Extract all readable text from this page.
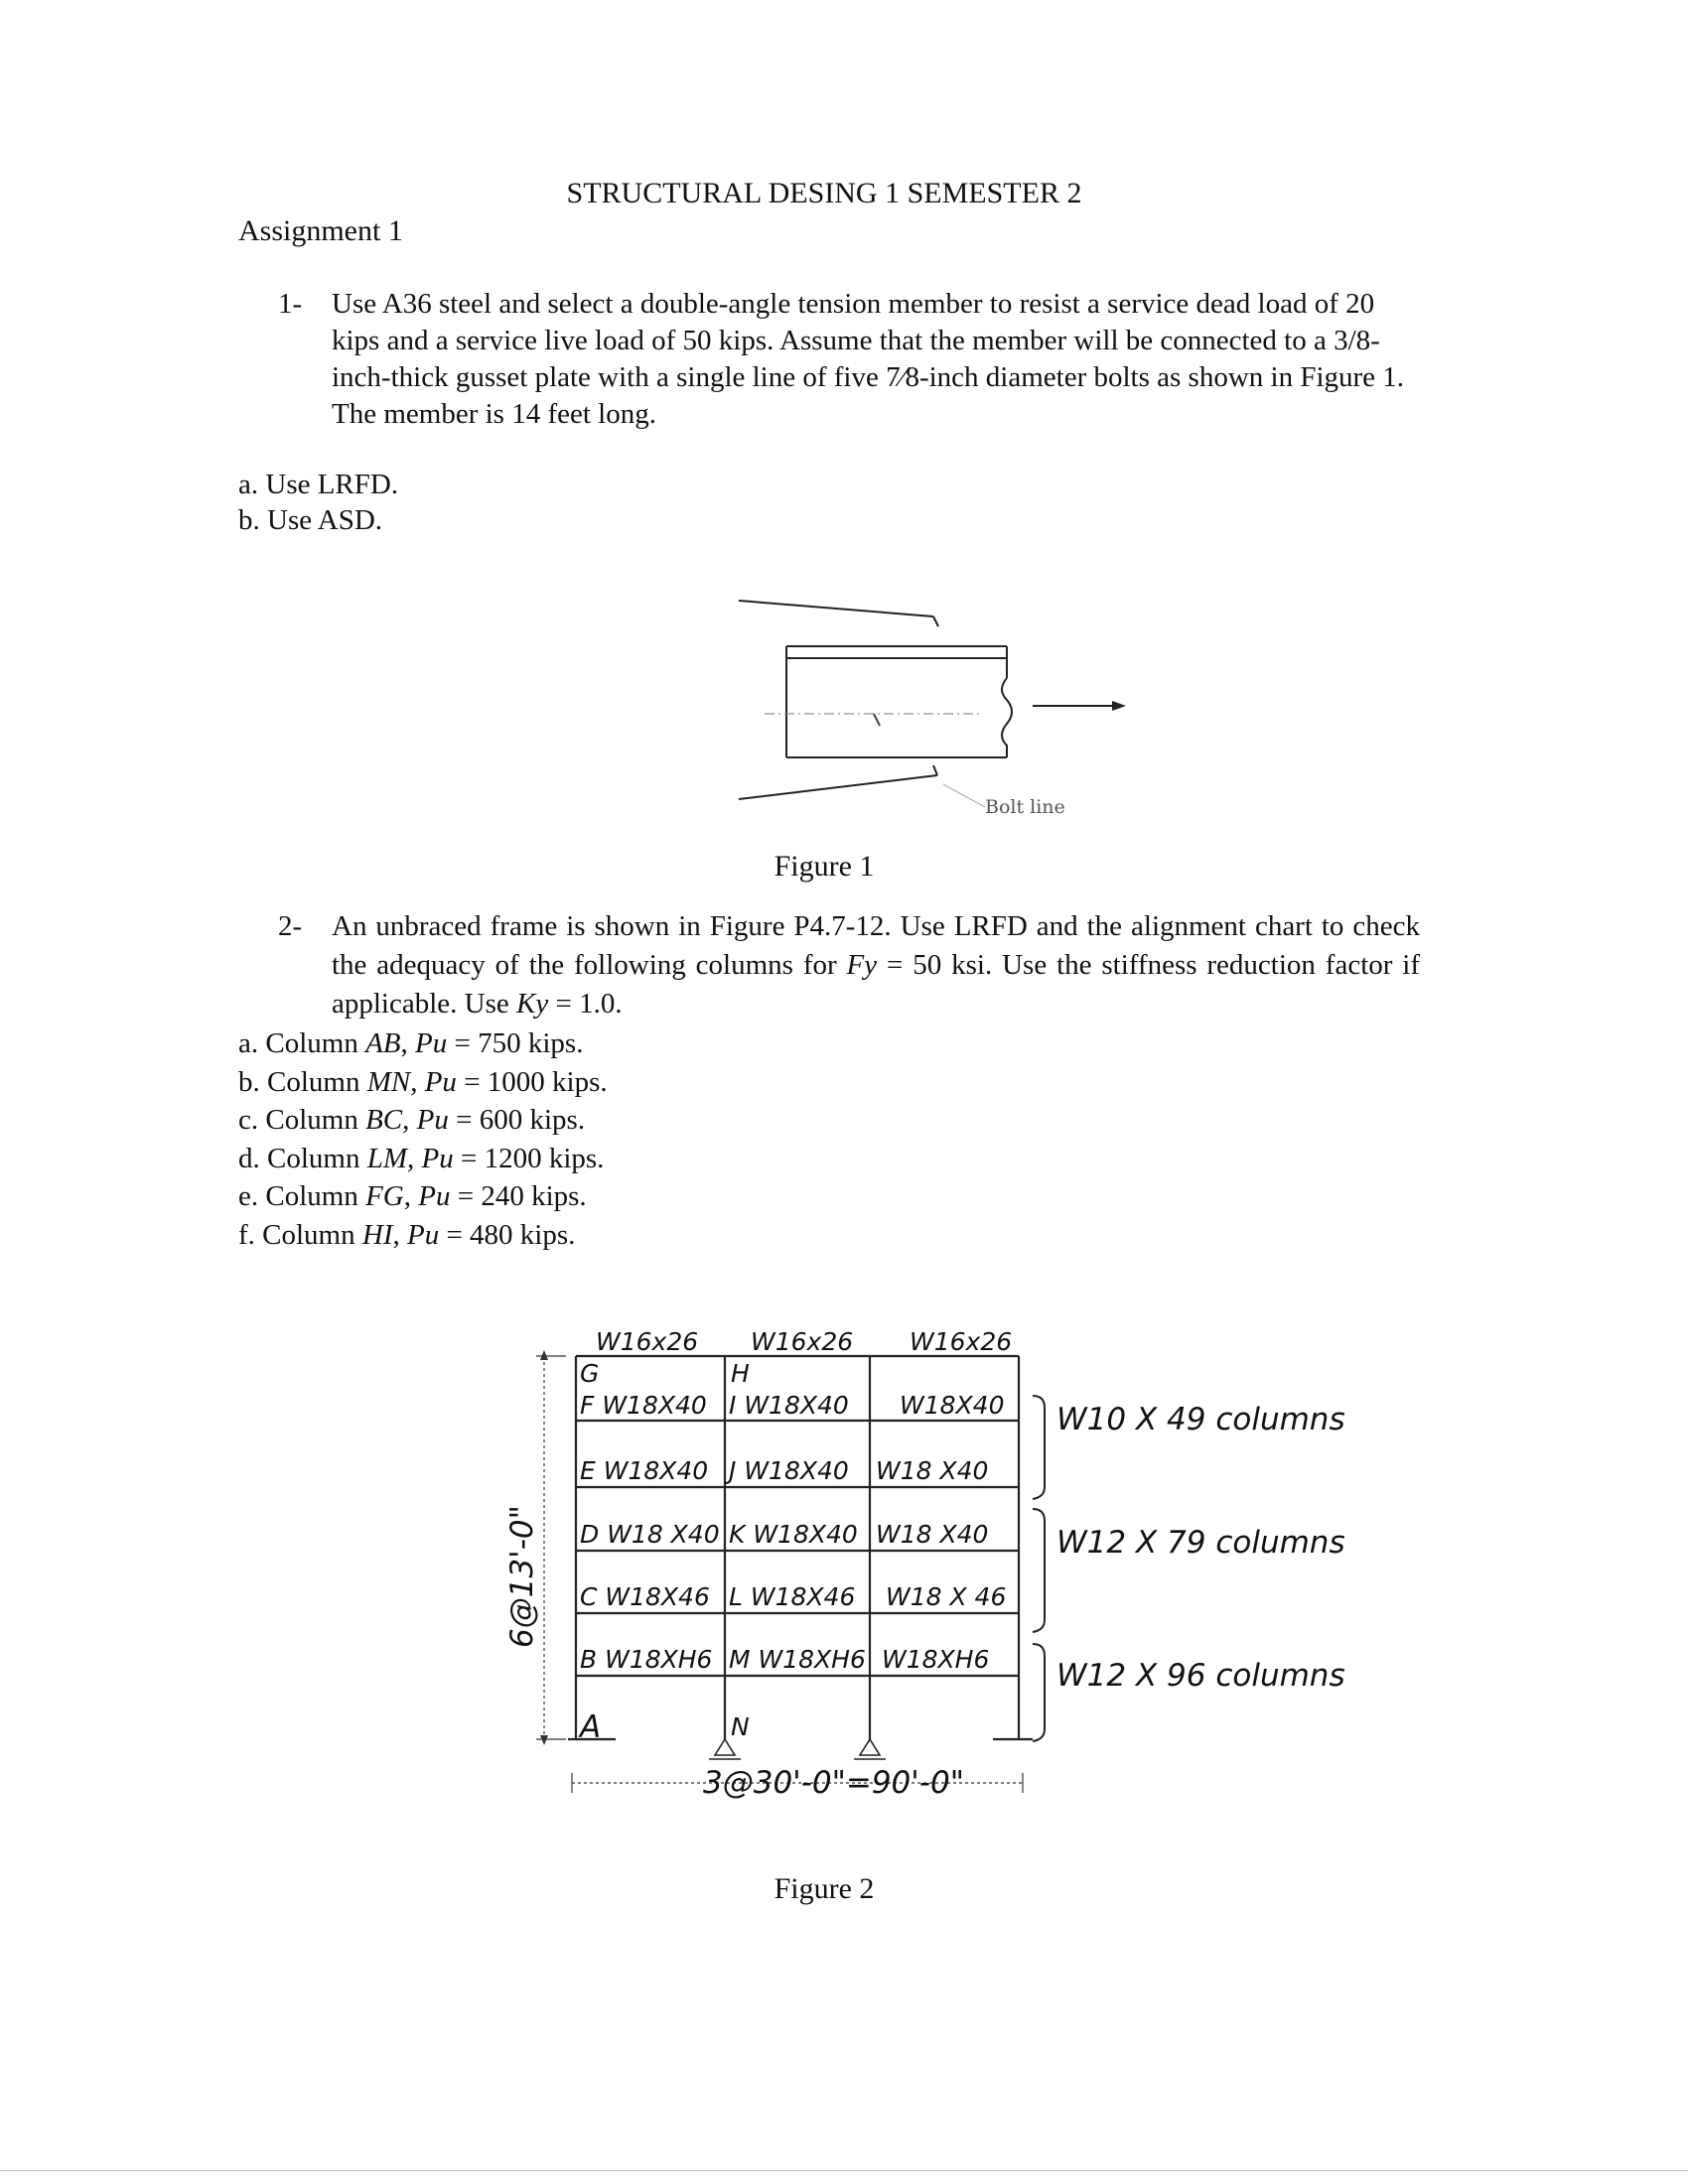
STRUCTURAL DESING 1 SEMESTER 2
Assignment 1
1- Use A36 steel and select a double-angle tension member to resist a service dead load of 20 kips and a service live load of 50 kips. Assume that the member will be connected to a 3/8-inch-thick gusset plate with a single line of five 7⁄8-inch diameter bolts as shown in Figure 1. The member is 14 feet long.
a. Use LRFD.
b. Use ASD.
Bolt line
Figure 1
2- An unbraced frame is shown in Figure P4.7-12. Use LRFD and the alignment chart to check the adequacy of the following columns for Fy = 50 ksi. Use the stiffness reduction factor if applicable. Use Ky = 1.0.
a. Column AB, Pu = 750 kips.
b. Column MN, Pu = 1000 kips.
c. Column BC, Pu = 600 kips.
d. Column LM, Pu = 1200 kips.
e. Column FG, Pu = 240 kips.
f. Column HI, Pu = 480 kips.
6@13'-0"
3@30'-0"=90'-0"
W16x26 W16x26 W16x26
G	H
A	N
F W18X40 I W18X40 W18X40
E W18X40 J W18X40 W18 X40
D W18 X40 K W18X40 W18 X40
C W18X46 L W18X46 W18 X 46
B W18XH6 M W18XH6 W18XH6
W10 X 49 columns
W12 X 79 columns
W12 X 96 columns
Figure 2
